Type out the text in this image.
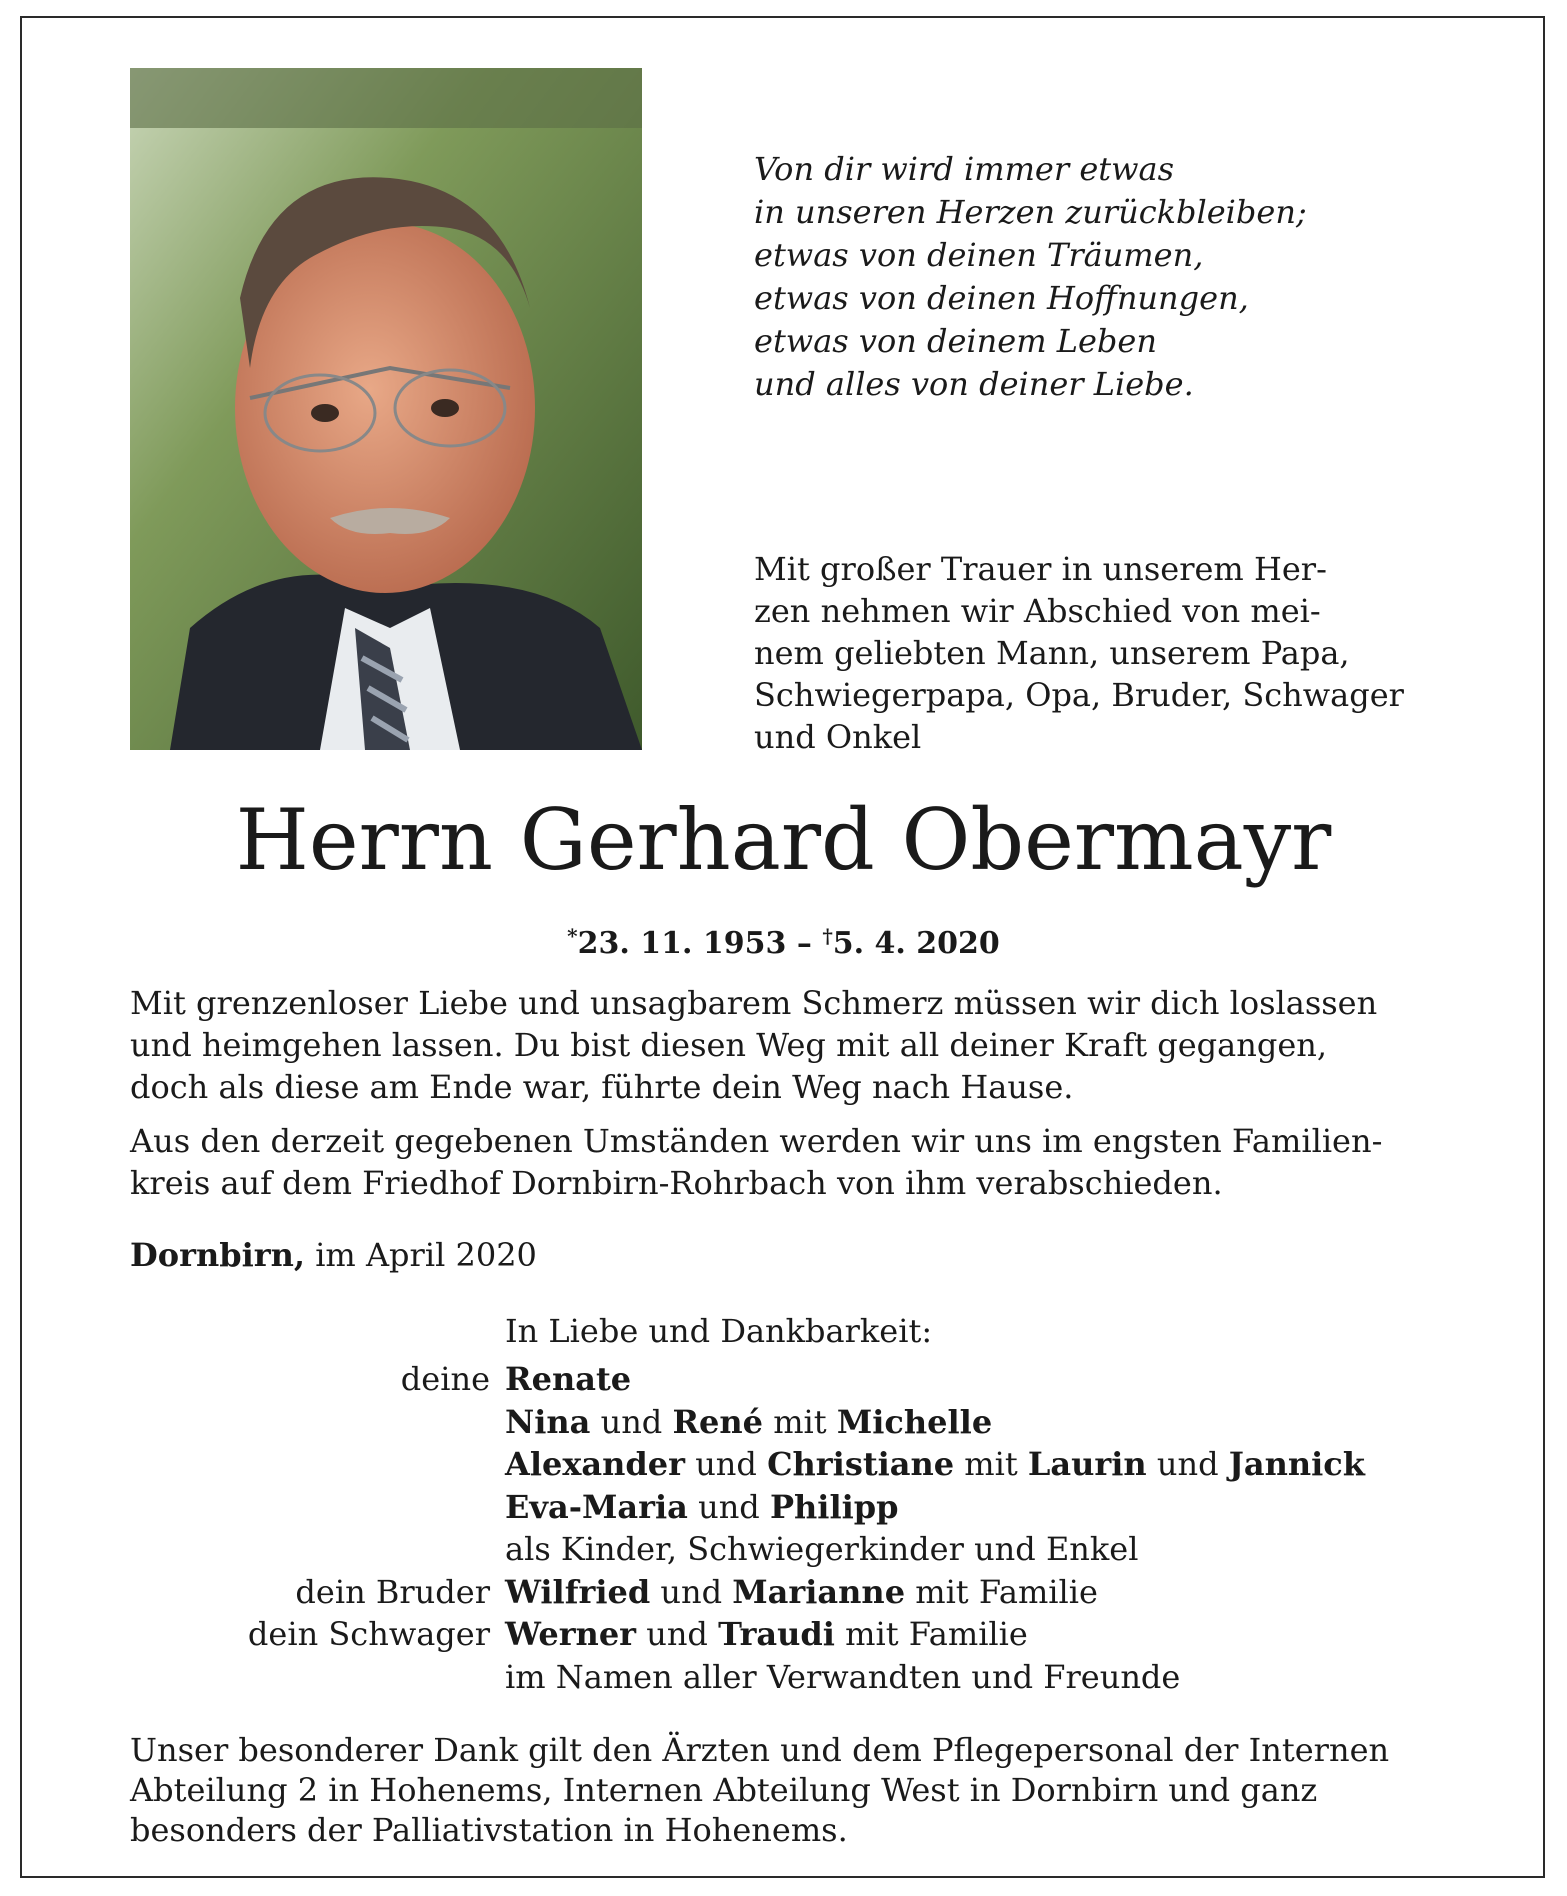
Von dir wird immer etwas
in unseren Herzen zurückbleiben;
etwas von deinen Träumen,
etwas von deinen Hoffnungen,
etwas von deinem Leben
und alles von deiner Liebe.
Mit großer Trauer in unserem Her-
zen nehmen wir Abschied von mei-
nem geliebten Mann, unserem Papa,
Schwiegerpapa, Opa, Bruder, Schwager
und Onkel
Herrn Gerhard Obermayr
*23. 11. 1953 – †5. 4. 2020
Mit grenzenloser Liebe und unsagbarem Schmerz müssen wir dich loslassen
und heimgehen lassen. Du bist diesen Weg mit all deiner Kraft gegangen,
doch als diese am Ende war, führte dein Weg nach Hause.
Aus den derzeit gegebenen Umständen werden wir uns im engsten Familien-
kreis auf dem Friedhof Dornbirn-Rohrbach von ihm verabschieden.
Dornbirn, im April 2020
In Liebe und Dankbarkeit:
deine Renate
Nina und René mit Michelle
Alexander und Christiane mit Laurin und Jannick
Eva-Maria und Philipp
als Kinder, Schwiegerkinder und Enkel
dein Bruder Wilfried und Marianne mit Familie
dein Schwager Werner und Traudi mit Familie
im Namen aller Verwandten und Freunde
Unser besonderer Dank gilt den Ärzten und dem Pflegepersonal der Internen
Abteilung 2 in Hohenems, Internen Abteilung West in Dornbirn und ganz
besonders der Palliativstation in Hohenems.
